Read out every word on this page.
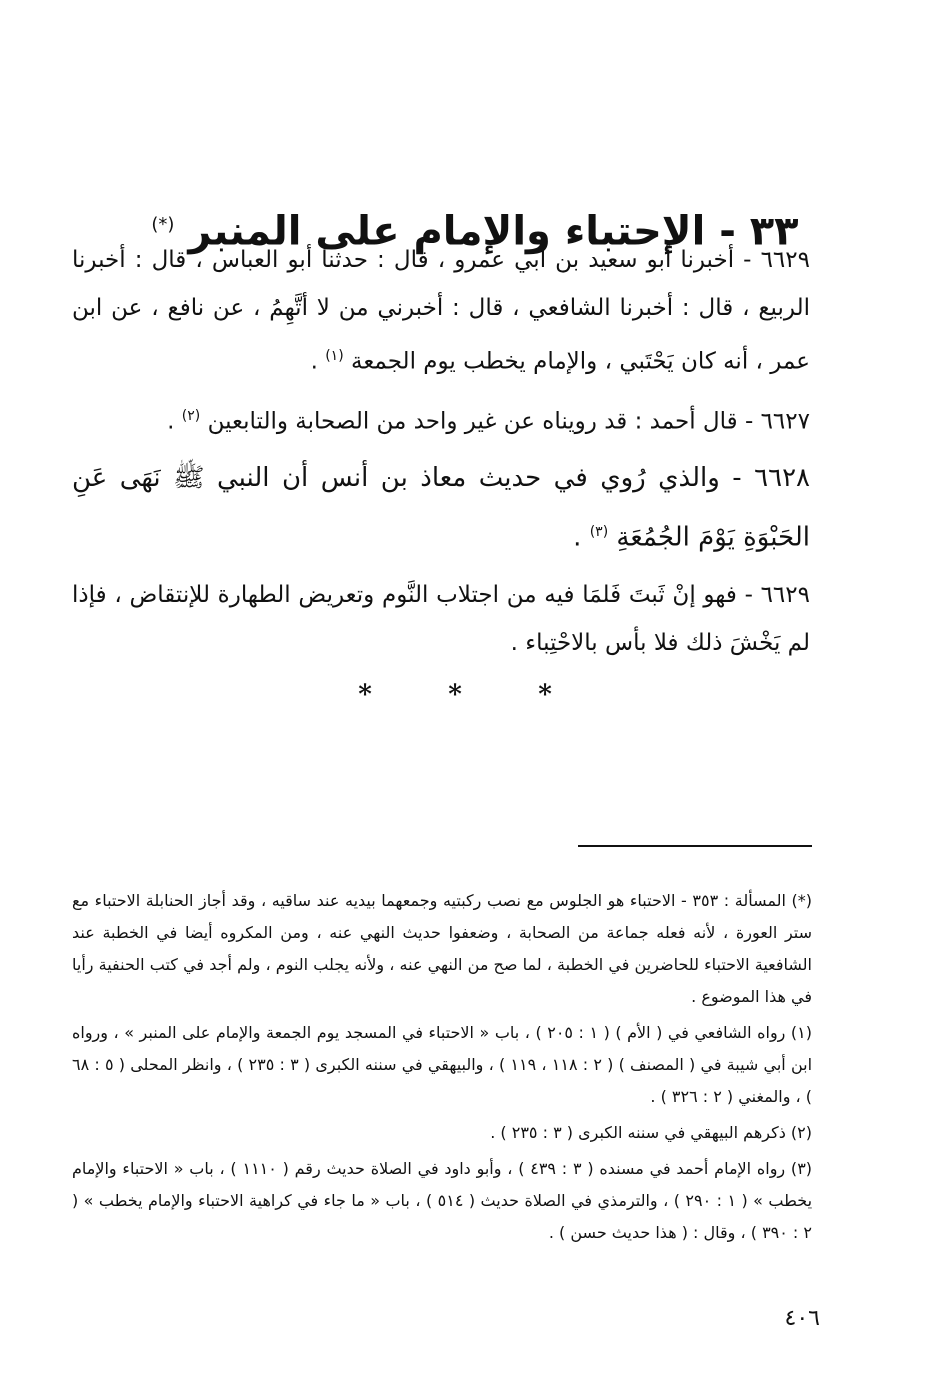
٣٣ - الإحتباء والإمام على المنبر (*)

٦٦٢٩ - أخبرنا أبو سعيد بن أبي عمرو ، قال : حدثنا أبو العباس ، قال : أخبرنا الربيع ، قال : أخبرنا الشافعي ، قال : أخبرني من لا أتَّهِمُ ، عن نافع ، عن ابن عمر ، أنه كان يَحْتَبي ، والإمام يخطب يوم الجمعة $^{(١)}$ .

٦٦٢٧ - قال أحمد : قد رويناه عن غير واحد من الصحابة والتابعين $^{(٢)}$ .

٦٦٢٨ - والذي رُوي في حديث معاذ بن أنس أن النبي ﷺ نَهَى عَنِ الحَبْوَةِ يَوْمَ الجُمُعَةِ $^{(٣)}$ .

٦٦٢٩ - فهو إنْ ثَبتَ فَلمَا فيه من اجتلاب النَّوم وتعريض الطهارة للإنتقاض ، فإذا لم يَخْشَ ذلك فلا بأس بالاحْتِباء .

*	*	*

(*) المسألة : ٣٥٣ - الاحتباء هو الجلوس مع نصب ركبتيه وجمعهما بيديه عند ساقيه ، وقد أجاز الحنابلة الاحتباء مع ستر العورة ، لأنه فعله جماعة من الصحابة ، وضعفوا حديث النهي عنه ، ومن المكروه أيضا في الخطبة عند الشافعية الاحتباء للحاضرين في الخطبة ، لما صح من النهي عنه ، ولأنه يجلب النوم ، ولم أجد في كتب الحنفية رأيا في هذا الموضوع .

(١) رواه الشافعي في ( الأم ) ( ١ : ٢٠٥ ) ، باب « الاحتباء في المسجد يوم الجمعة والإمام على المنبر » ، ورواه ابن أبي شيبة في ( المصنف ) ( ٢ : ١١٨ ، ١١٩ ) ، والبيهقي في سننه الكبرى ( ٣ : ٢٣٥ ) ، وانظر المحلى ( ٥ : ٦٨ ) ، والمغني ( ٢ : ٣٢٦ ) .

(٢) ذكرهم البيهقي في سننه الكبرى ( ٣ : ٢٣٥ ) .

(٣) رواه الإمام أحمد في مسنده ( ٣ : ٤٣٩ ) ، وأبو داود في الصلاة حديث رقم ( ١١١٠ ) ، باب « الاحتباء والإمام يخطب » ( ١ : ٢٩٠ ) ، والترمذي في الصلاة حديث ( ٥١٤ ) ، باب « ما جاء في كراهية الاحتباء والإمام يخطب » ( ٢ : ٣٩٠ ) ، وقال : ( هذا حديث حسن ) .

٤٠٦
